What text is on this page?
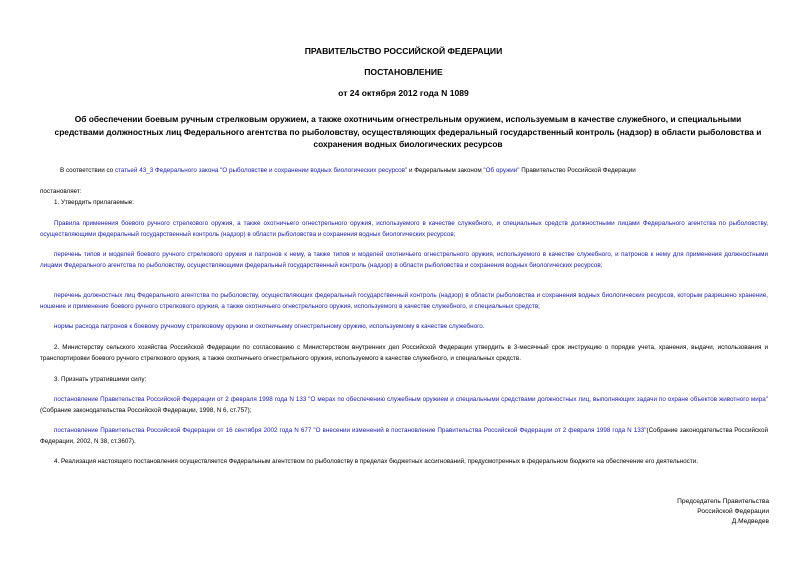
ПРАВИТЕЛЬСТВО РОССИЙСКОЙ ФЕДЕРАЦИИ
ПОСТАНОВЛЕНИЕ
от 24 октября 2012 года N 1089
Об обеспечении боевым ручным стрелковым оружием, а также охотничьим огнестрельным оружием, используемым в качестве служебного, и специальными средствами должностных лиц Федерального агентства по рыболовству, осуществляющих федеральный государственный контроль (надзор) в области рыболовства и сохранения водных биологических ресурсов
В соответствии со статьей 43_3 Федерального закона "О рыболовстве и сохранении водных биологических ресурсов" и Федеральным законом "Об оружии" Правительство Российской Федерации
постановляет:
1. Утвердить прилагаемые:
Правила применения боевого ручного стрелкового оружия, а также охотничьего огнестрельного оружия, используемого в качестве служебного, и специальных средств должностными лицами Федерального агентства по рыболовству, осуществляющими федеральный государственный контроль (надзор) в области рыболовства и сохранения водных биологических ресурсов;
перечень типов и моделей боевого ручного стрелкового оружия и патронов к нему, а также типов и моделей охотничьего огнестрельного оружия, используемого в качестве служебного, и патронов к нему для применения должностными лицами Федерального агентства по рыболовству, осуществляющими федеральный государственный контроль (надзор) в области рыболовства и сохранения водных биологических ресурсов;
перечень должностных лиц Федерального агентства по рыболовству, осуществляющих федеральный государственный контроль (надзор) в области рыболовства и сохранения водных биологических ресурсов, которым разрешено хранение, ношение и применение боевого ручного стрелкового оружия, а также охотничьего огнестрельного оружия, используемого в качестве служебного, и специальных средств;
нормы расхода патронов к боевому ручному стрелковому оружию и охотничьему огнестрельному оружию, используемому в качестве служебного.
2. Министерству сельского хозяйства Российской Федерации по согласованию с Министерством внутренних дел Российской Федерации утвердить в 3-месячный срок инструкцию о порядке учета, хранения, выдачи, использования и транспортировки боевого ручного стрелкового оружия, а также охотничьего огнестрельного оружия, используемого в качестве служебного, и специальных средств.
3. Признать утратившими силу:
постановление Правительства Российской Федерации от 2 февраля 1998 года N 133 "О мерах по обеспечению служебным оружием и специальными средствами должностных лиц, выполняющих задачи по охране объектов животного мира" (Собрание законодательства Российской Федерации, 1998, N 6, ст.757);
постановление Правительства Российской Федерации от 16 сентября 2002 года N 677 "О внесении изменений в постановление Правительства Российской Федерации от 2 февраля 1998 года N 133"(Собрание законодательства Российской Федерации, 2002, N 38, ст.3607).
4. Реализация настоящего постановления осуществляется Федеральным агентством по рыболовству в пределах бюджетных ассигнований, предусмотренных в федеральном бюджете на обеспечение его деятельности.
Председатель Правительства
Российской Федерации
Д.Медведев
